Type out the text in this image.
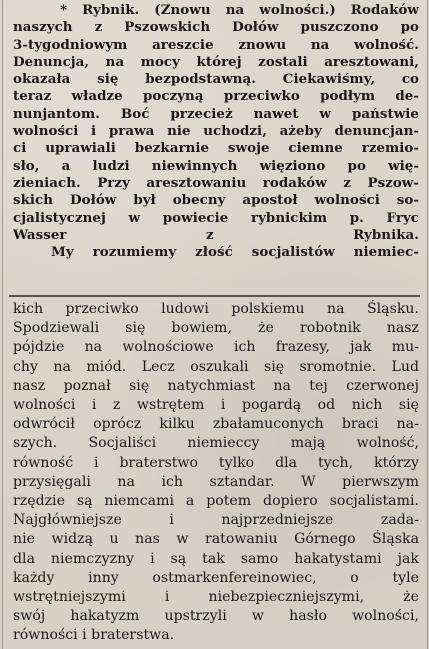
* Rybnik. (Znowu na wolności.) Rodaków
naszych z Pszowskich Dołów puszczono po
3-tygodniowym areszcie znowu na wolność.
Denuncja, na mocy której zostali aresztowani,
okazała się bezpodstawną. Ciekawiśmy, co
teraz władze poczyną przeciwko podłym de-
nunjantom. Boć przecież nawet w państwie
wolności i prawa nie uchodzi, ażeby denuncjan-
ci uprawiali bezkarnie swoje ciemne rzemio-
sło, a ludzi niewinnych więziono po wię-
zieniach. Przy aresztowaniu rodaków z Pszow-
skich Dołów był obecny apostoł wolności so-
cjalistycznej w powiecie rybnickim p. Fryc
Wasser z Rybnika.
My rozumiemy złość socjalistów niemiec-
kich przeciwko ludowi polskiemu na Śląsku.
Spodziewali się bowiem, że robotnik nasz
pójdzie na wolnościowe ich frazesy, jak mu-
chy na miód. Lecz oszukali się sromotnie. Lud
nasz poznał się natychmiast na tej czerwonej
wolności i z wstrętem i pogardą od nich się
odwrócił oprócz kilku zbałamuconych braci na-
szych. Socjaliści niemieccy mają wolność,
równość i braterstwo tylko dla tych, którzy
przysięgali na ich sztandar. W pierwszym
rzędzie są niemcami a potem dopiero socjalistami.
Najgłówniejsze i najprzedniejsze zada-
nie widzą u nas w ratowaniu Górnego Śląska
dla niemczyzny i są tak samo hakatystami jak
każdy inny ostmarkenfereinowiec, o tyle
wstrętniejszymi i niebezpieczniejszymi, że
swój hakatyzm upstrzyli w hasło wolności,
równości i braterstwa.
